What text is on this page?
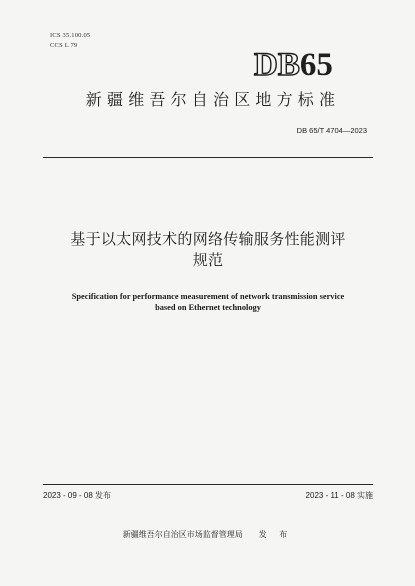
ICS 35.100.05
CCS L 79
DB65
新疆维吾尔自治区地方标准
DB 65/T 4704—2023
基于以太网技术的网络传输服务性能测评
规范
Specification for performance measurement of network transmission service
based on Ethernet technology
2023 - 09 - 08 发布	2023 - 11 - 08 实施
新疆维吾尔自治区市场监督管理局 发 布
